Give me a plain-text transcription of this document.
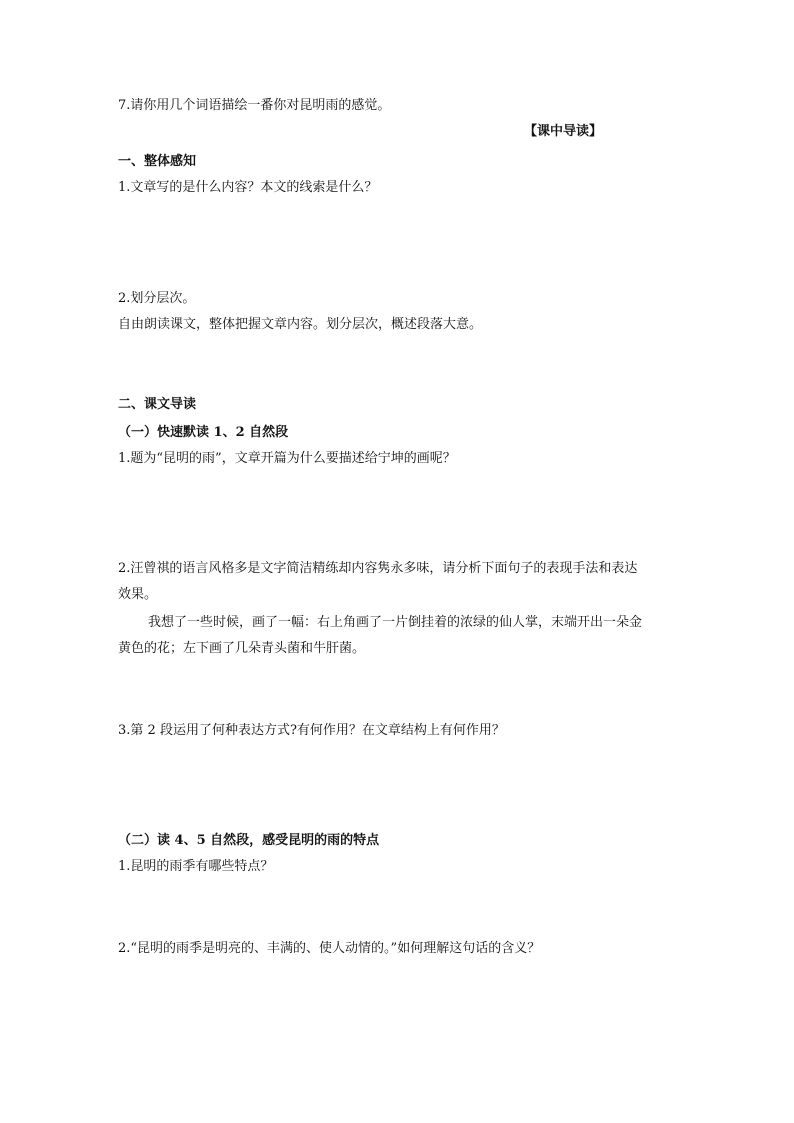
7.请你用几个词语描绘一番你对昆明雨的感觉。
【课中导读】
一、整体感知
1.文章写的是什么内容？本文的线索是什么？
2.划分层次。
自由朗读课文，整体把握文章内容。划分层次，概述段落大意。
二、课文导读
（一）快速默读 1、2 自然段
1.题为“昆明的雨”，文章开篇为什么要描述给宁坤的画呢？
2.汪曾祺的语言风格多是文字简洁精练却内容隽永多味，请分析下面句子的表现手法和表达
效果。
我想了一些时候，画了一幅：右上角画了一片倒挂着的浓绿的仙人掌，末端开出一朵金
黄色的花；左下画了几朵青头菌和牛肝菌。
3.第 2 段运用了何种表达方式?有何作用？在文章结构上有何作用？
（二）读 4、5 自然段，感受昆明的雨的特点
1.昆明的雨季有哪些特点？
2.“昆明的雨季是明亮的、丰满的、使人动情的。”如何理解这句话的含义？
